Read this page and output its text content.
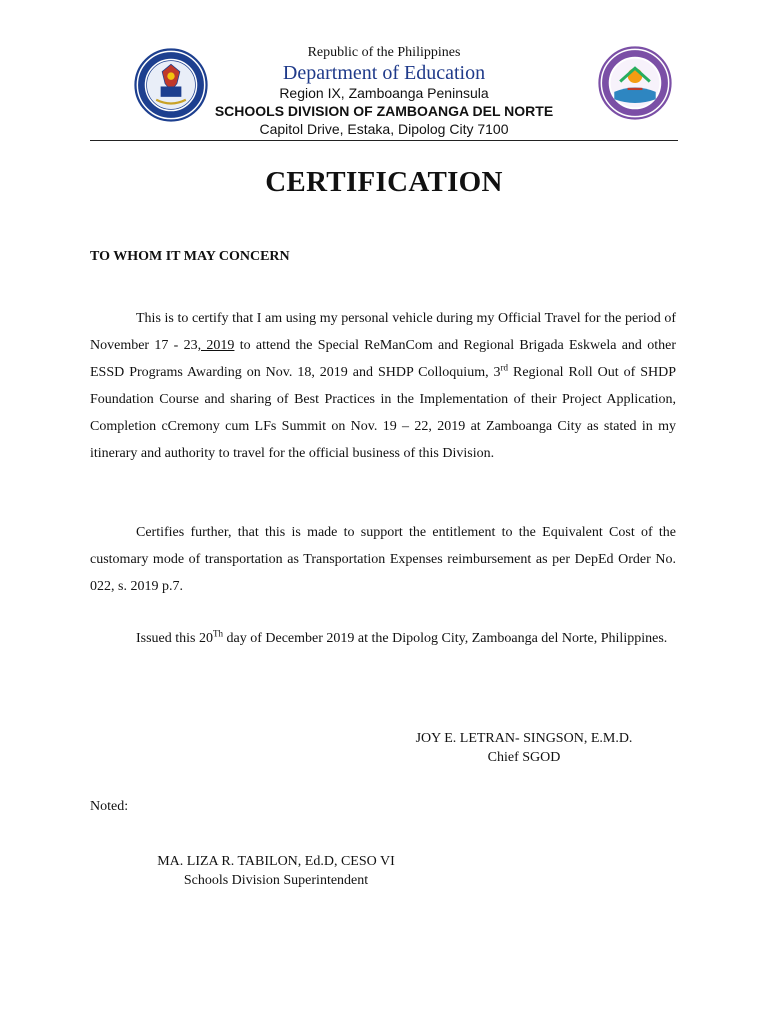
Republic of the Philippines
Department of Education
Region IX, Zamboanga Peninsula
SCHOOLS DIVISION OF ZAMBOANGA DEL NORTE
Capitol Drive, Estaka, Dipolog City 7100
CERTIFICATION
TO WHOM IT MAY CONCERN

This is to certify that I am using my personal vehicle during my Official Travel for the period of November 17 - 23, 2019 to attend the Special ReManCom and Regional Brigada Eskwela and other ESSD Programs Awarding on Nov. 18, 2019 and SHDP Colloquium, 3rd Regional Roll Out of SHDP Foundation Course and sharing of Best Practices in the Implementation of their Project Application, Completion cCremony cum LFs Summit on Nov. 19 – 22, 2019 at Zamboanga City as stated in my itinerary and authority to travel for the official business of this Division.

Certifies further, that this is made to support the entitlement to the Equivalent Cost of the customary mode of transportation as Transportation Expenses reimbursement as per DepEd Order No. 022, s. 2019 p.7.

Issued this 20Th day of December 2019 at the Dipolog City, Zamboanga del Norte, Philippines.

JOY E. LETRAN- SINGSON, E.M.D.
Chief SGOD
Noted:
MA. LIZA R. TABILON, Ed.D, CESO VI
Schools Division Superintendent
